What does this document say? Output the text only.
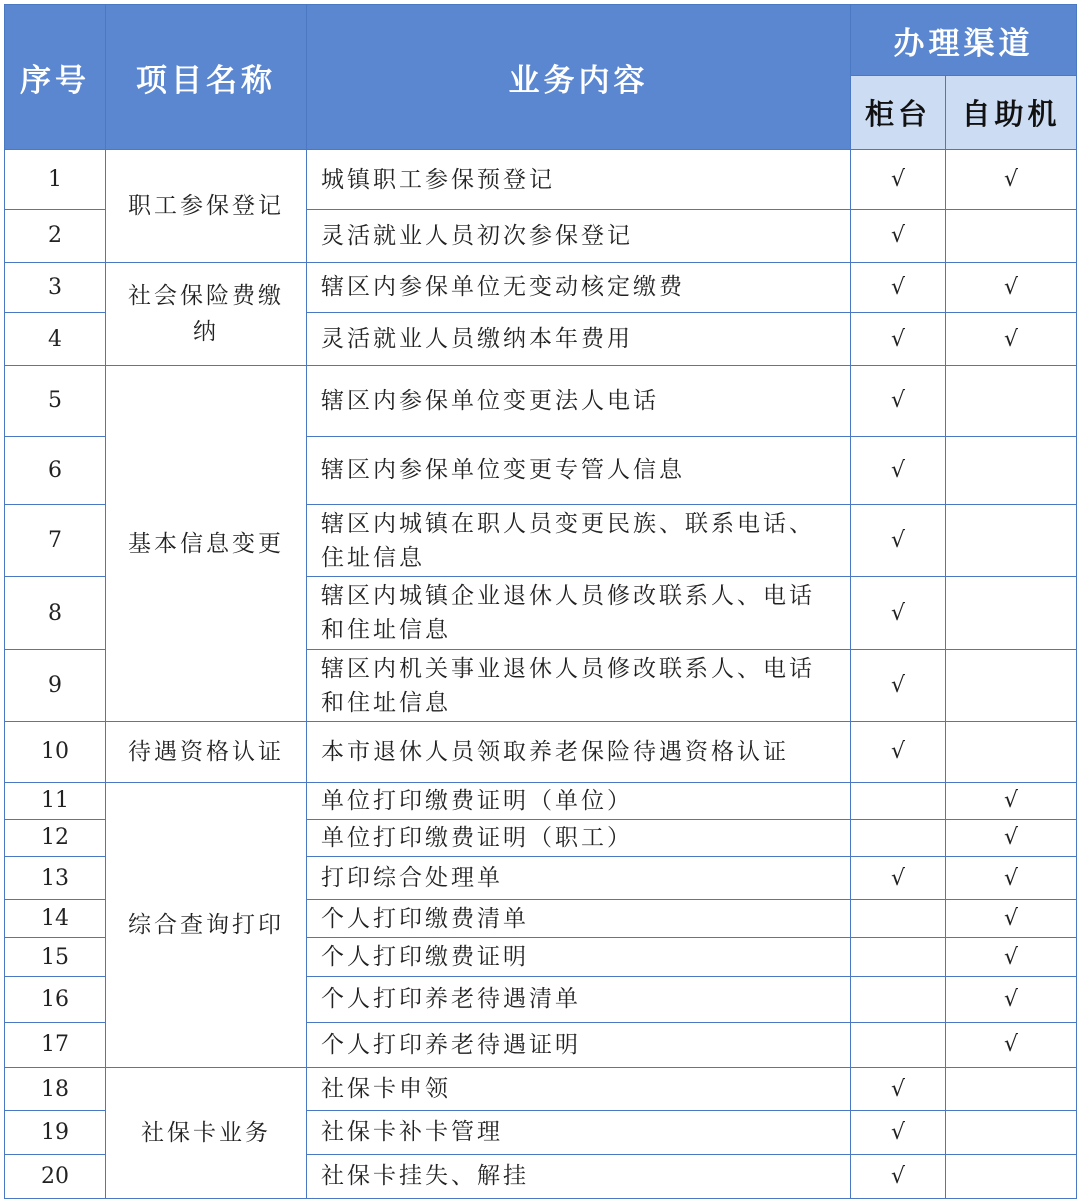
序号	项目名称	业务内容	办理渠道	
			柜台	自助机
1	职工参保登记	城镇职工参保预登记	√	√
2		灵活就业人员初次参保登记	√	
3	社会保险费缴纳	辖区内参保单位无变动核定缴费	√	√
4		灵活就业人员缴纳本年费用	√	√
5	基本信息变更	辖区内参保单位变更法人电话	√	
6		辖区内参保单位变更专管人信息	√	
7		辖区内城镇在职人员变更民族、联系电话、住址信息	√	
8		辖区内城镇企业退休人员修改联系人、电话和住址信息	√	
9		辖区内机关事业退休人员修改联系人、电话和住址信息	√	
10	待遇资格认证	本市退休人员领取养老保险待遇资格认证	√	
11	综合查询打印	单位打印缴费证明（单位）		√
12		单位打印缴费证明（职工）		√
13		打印综合处理单	√	√
14		个人打印缴费清单		√
15		个人打印缴费证明		√
16		个人打印养老待遇清单		√
17		个人打印养老待遇证明		√
18	社保卡业务	社保卡申领	√	
19		社保卡补卡管理	√	
20		社保卡挂失、解挂	√	
